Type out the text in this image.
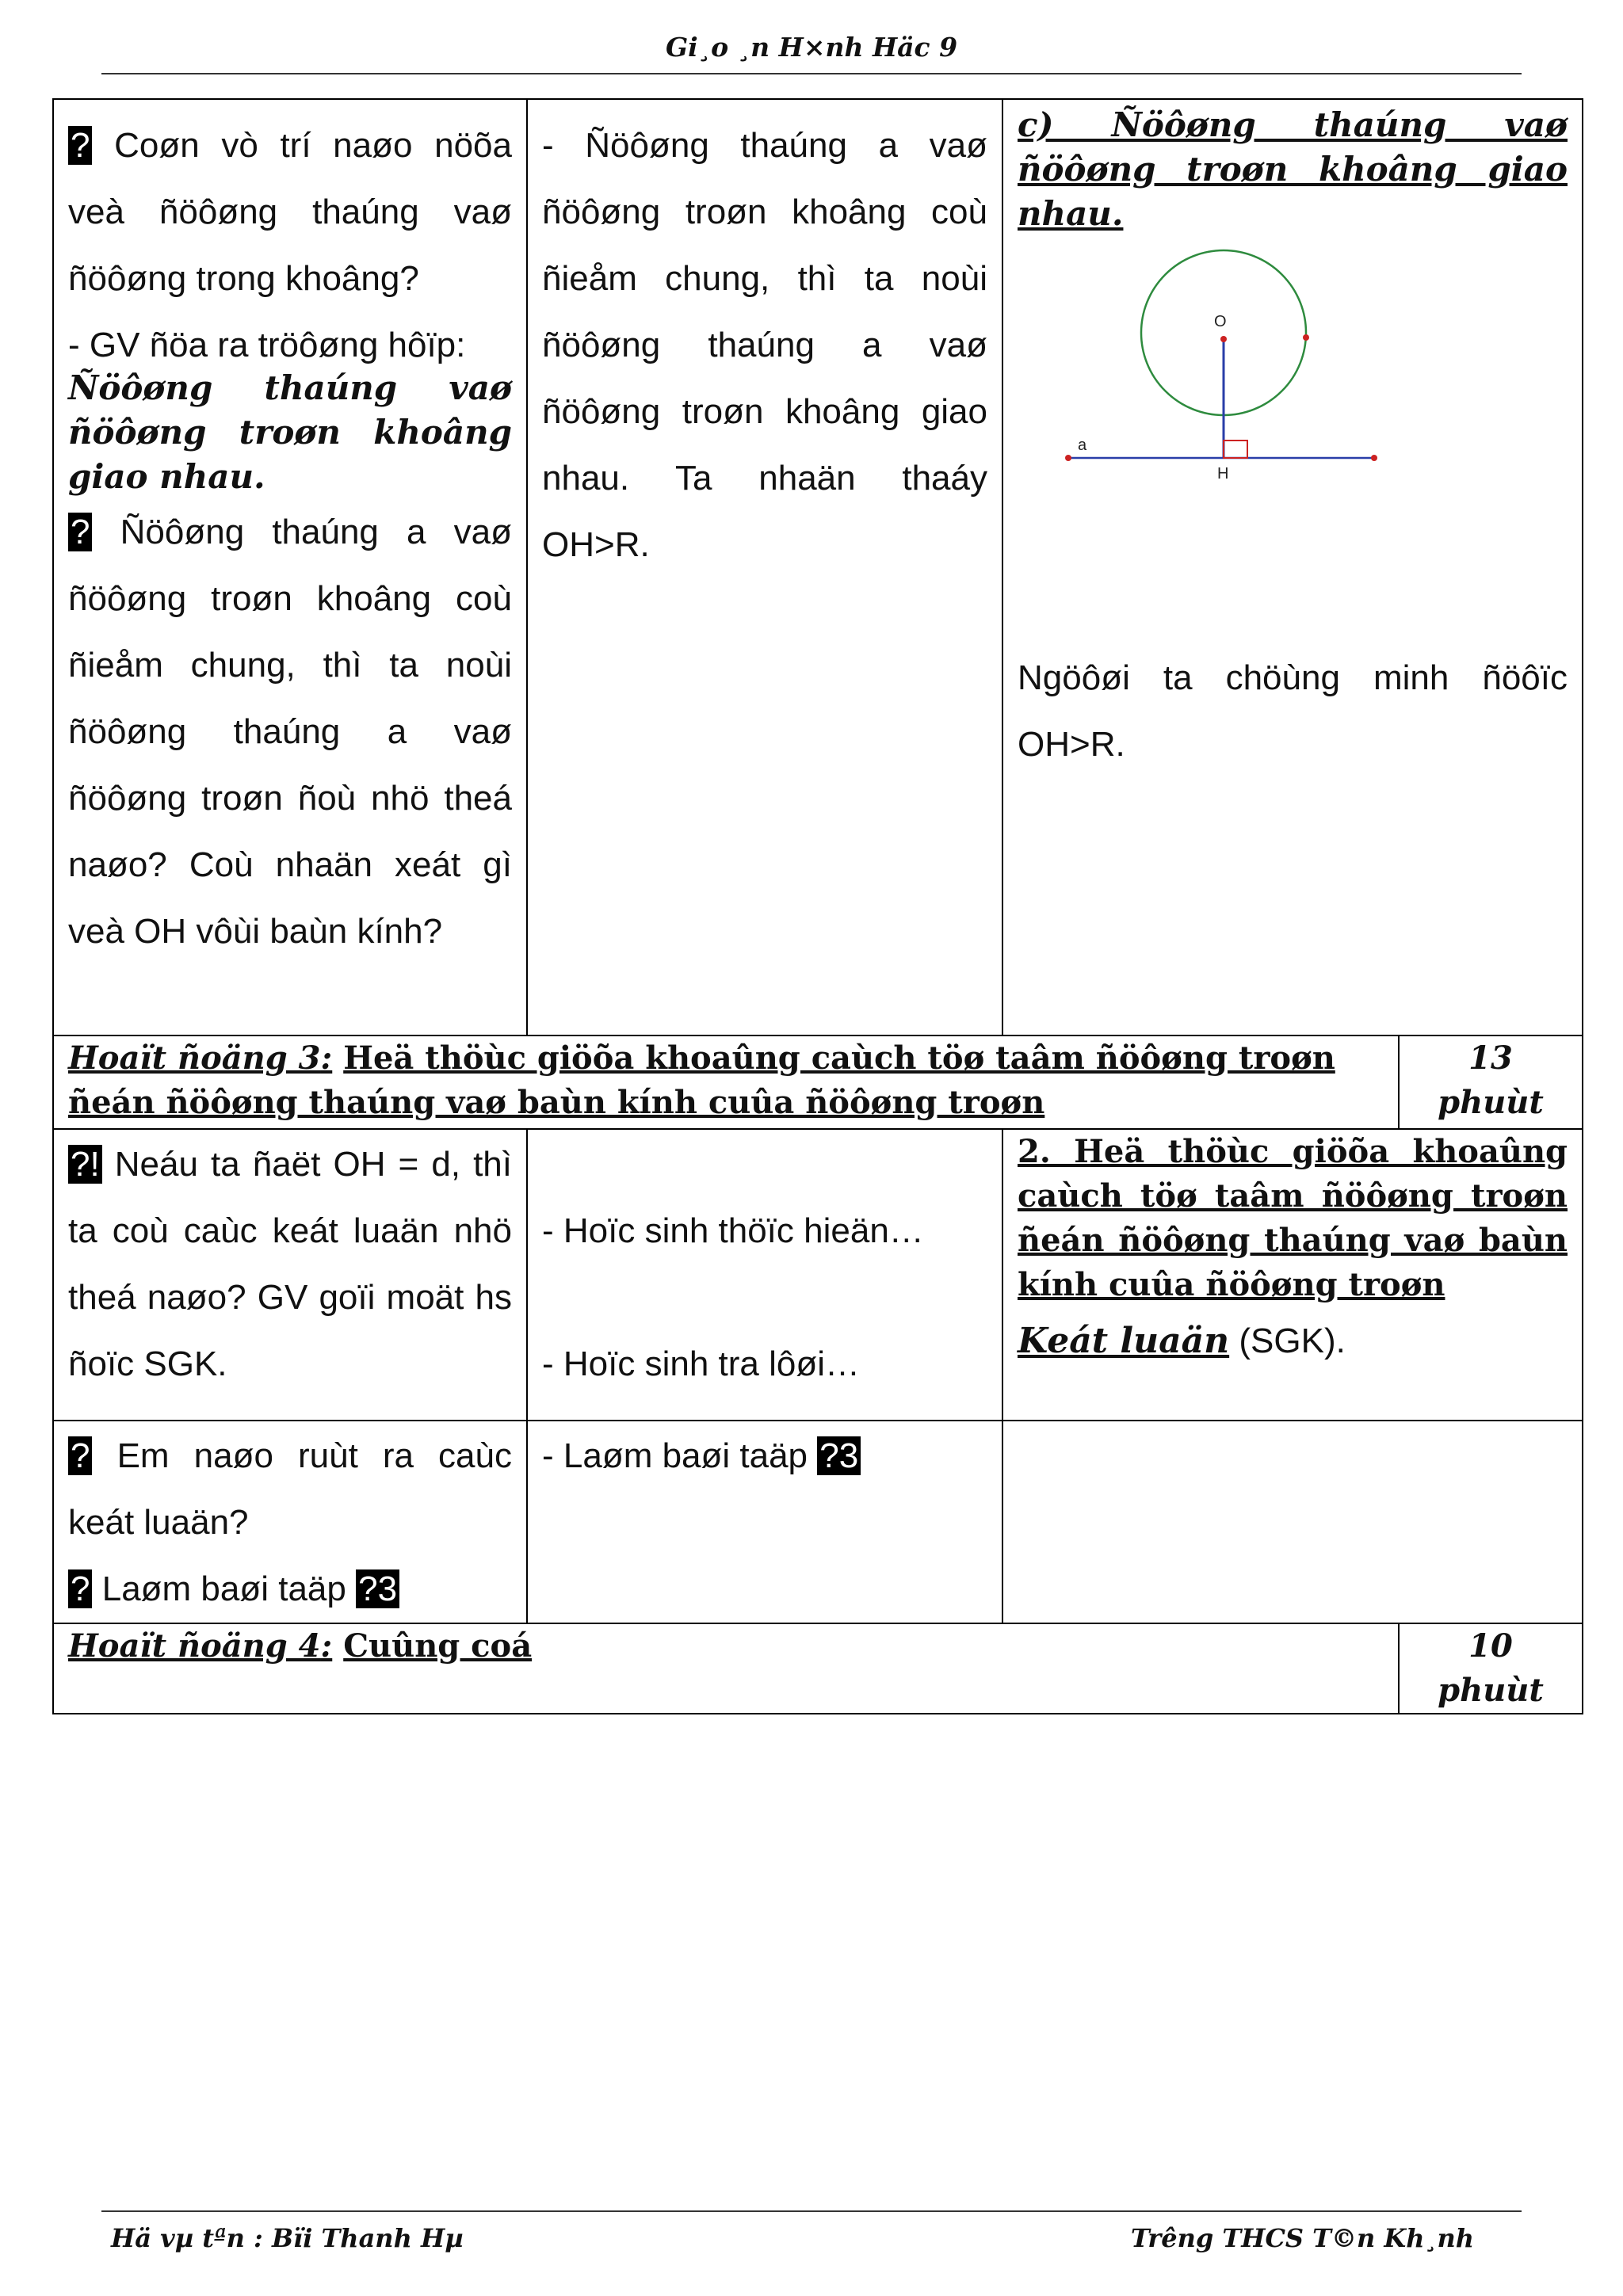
Gi¸o ¸n H×nh Häc 9

? Coøn vò trí naøo nöõa veà ñöôøng thaúng vaø ñöôøng trong khoâng?

- GV ñöa ra tröôøng hôïp:

Ñöôøng thaúng vaø ñöôøng troøn khoâng giao nhau.

? Ñöôøng thaúng a vaø ñöôøng troøn khoâng coù ñieåm chung, thì ta noùi ñöôøng thaúng a vaø ñöôøng troøn ñoù nhö theá naøo? Coù nhaän xeát gì veà OH vôùi baùn kính?

- Ñöôøng thaúng a vaø ñöôøng troøn khoâng coù ñieåm chung, thì ta noùi ñöôøng thaúng a vaø ñöôøng troøn khoâng giao nhau. Ta nhaän thaáy OH>R.
c) Ñöôøng thaúng vaø ñöôøng troøn khoâng giao nhau.
O
a
H
Ngöôøi ta chöùng minh ñöôïc OH>R.
Hoaït ñoäng 3: Heä thöùc giöõa khoaûng caùch töø taâm ñöôøng troøn ñeán ñöôøng thaúng vaø baùn kính cuûa ñöôøng troøn
13 phuùt
?! Neáu ta ñaët OH = d, thì ta coù caùc keát luaän nhö theá naøo? GV goïi moät hs ñoïc SGK.
- Hoïc sinh thöïc hieän…
- Hoïc sinh tra lôøi…
2. Heä thöùc giöõa khoaûng caùch töø taâm ñöôøng troøn ñeán ñöôøng thaúng vaø baùn kính cuûa ñöôøng troøn
Keát luaän (SGK).
? Em naøo ruùt ra caùc keát luaän?
? Laøm baøi taäp ?3
- Laøm baøi taäp ?3
Hoaït ñoäng 4: Cuûng coá	10 phuùt
Hä vµ tªn : Bïi Thanh Hµ	Trêng THCS T©n Kh¸nh
